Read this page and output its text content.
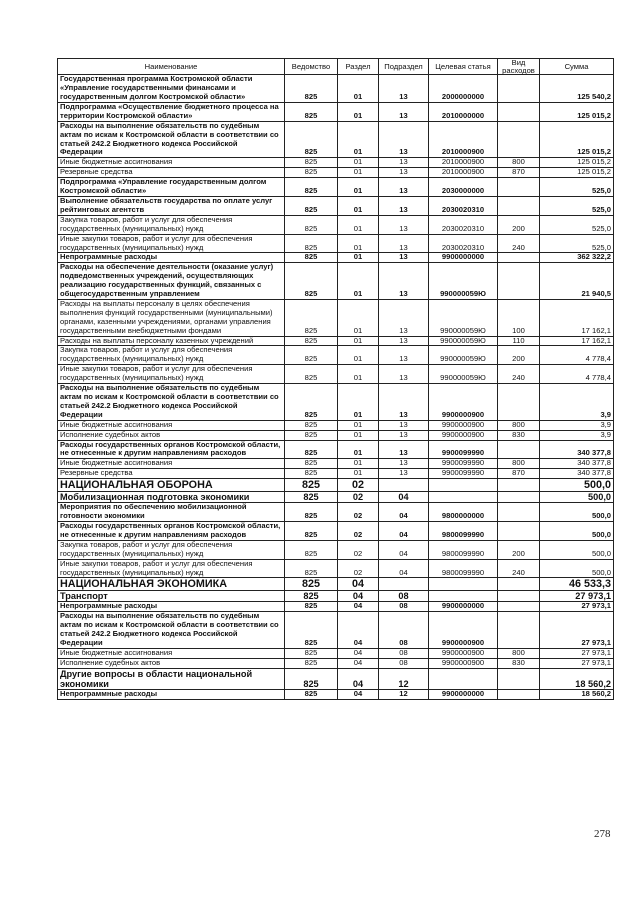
Наименование	Ведомство	Раздел	Подраздел	Целевая статья	Вид расходов	Сумма
Государственная программа Костромской области «Управление государственными финансами и государственным долгом Костромской области»	825	01	13	2000000000		125 540,2
Подпрограмма «Осуществление бюджетного процесса на территории Костромской области»	825	01	13	2010000000		125 015,2
Расходы на выполнение обязательств по судебным актам по искам к Костромской области в соответствии со статьей 242.2 Бюджетного кодекса Российской Федерации	825	01	13	2010000900		125 015,2
Иные бюджетные ассигнования	825	01	13	2010000900	800	125 015,2
Резервные средства	825	01	13	2010000900	870	125 015,2
Подпрограмма «Управление государственным долгом Костромской области»	825	01	13	2030000000		525,0
Выполнение обязательств государства по оплате услуг рейтинговых агентств	825	01	13	2030020310		525,0
Закупка товаров, работ и услуг для обеспечения государственных (муниципальных) нужд	825	01	13	2030020310	200	525,0
Иные закупки товаров, работ и услуг для обеспечения государственных (муниципальных) нужд	825	01	13	2030020310	240	525,0
Непрограммные расходы	825	01	13	9900000000		362 322,2
Расходы на обеспечение деятельности (оказание услуг) подведомственных учреждений, осуществляющих реализацию государственных функций, связанных с общегосударственным управлением	825	01	13	990000059Ю		21 940,5
Расходы на выплаты персоналу в целях обеспечения выполнения функций государственными (муниципальными) органами, казенными учреждениями, органами управления государственными внебюджетными фондами	825	01	13	990000059Ю	100	17 162,1
Расходы на выплаты персоналу казенных учреждений	825	01	13	990000059Ю	110	17 162,1
Закупка товаров, работ и услуг для обеспечения государственных (муниципальных) нужд	825	01	13	990000059Ю	200	4 778,4
Иные закупки товаров, работ и услуг для обеспечения государственных (муниципальных) нужд	825	01	13	990000059Ю	240	4 778,4
Расходы на выполнение обязательств по судебным актам по искам к Костромской области в соответствии со статьей 242.2 Бюджетного кодекса Российской Федерации	825	01	13	9900000900		3,9
Иные бюджетные ассигнования	825	01	13	9900000900	800	3,9
Исполнение судебных актов	825	01	13	9900000900	830	3,9
Расходы государственных органов Костромской области, не отнесенные к другим направлениям расходов	825	01	13	9900099990		340 377,8
Иные бюджетные ассигнования	825	01	13	9900099990	800	340 377,8
Резервные средства	825	01	13	9900099990	870	340 377,8
НАЦИОНАЛЬНАЯ ОБОРОНА	825	02				500,0
Мобилизационная подготовка экономики	825	02	04			500,0
Мероприятия по обеспечению мобилизационной готовности экономики	825	02	04	9800000000		500,0
Расходы государственных органов Костромской области, не отнесенные к другим направлениям расходов	825	02	04	9800099990		500,0
Закупка товаров, работ и услуг для обеспечения государственных (муниципальных) нужд	825	02	04	9800099990	200	500,0
Иные закупки товаров, работ и услуг для обеспечения государственных (муниципальных) нужд	825	02	04	9800099990	240	500,0
НАЦИОНАЛЬНАЯ ЭКОНОМИКА	825	04				46 533,3
Транспорт	825	04	08			27 973,1
Непрограммные расходы	825	04	08	9900000000		27 973,1
Расходы на выполнение обязательств по судебным актам по искам к Костромской области в соответствии со статьей 242.2 Бюджетного кодекса Российской Федерации	825	04	08	9900000900		27 973,1
Иные бюджетные ассигнования	825	04	08	9900000900	800	27 973,1
Исполнение судебных актов	825	04	08	9900000900	830	27 973,1
Другие вопросы в области национальной экономики	825	04	12			18 560,2
Непрограммные расходы	825	04	12	9900000000		18 560,2
278
